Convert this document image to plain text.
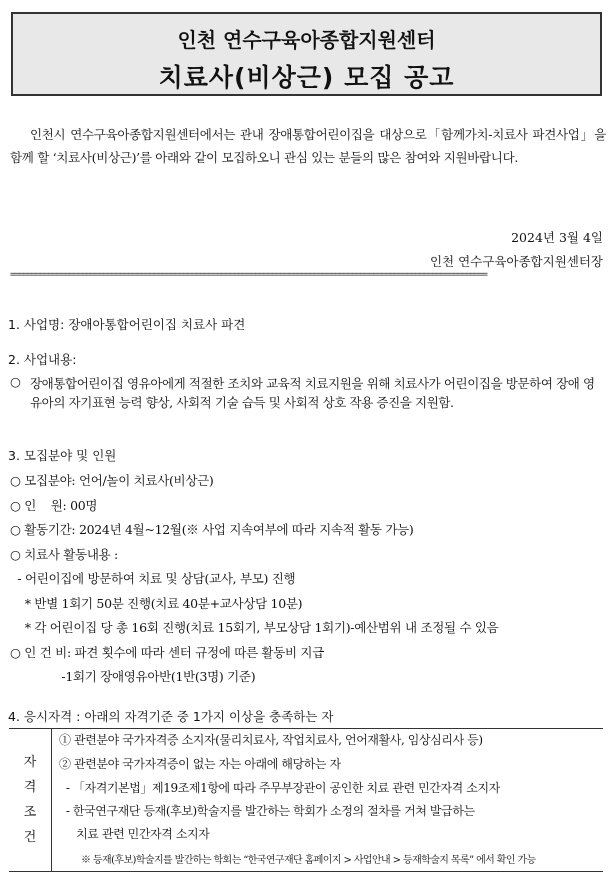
인천 연수구육아종합지원센터
치료사(비상근) 모집 공고
인천시 연수구육아종합지원센터에서는 관내 장애통합어린이집을 대상으로「함께가치-치료사 파견사업」을 함께 할 ‘치료사(비상근)’를 아래와 같이 모집하오니 관심 있는 분들의 많은 참여와 지원바랍니다.
2024년 3월 4일
인천 연수구육아종합지원센터장
=================================================================================================================
1. 사업명: 장애아통합어린이집 치료사 파견
2. 사업내용:
○ 장애통합어린이집 영유아에게 적절한 조치와 교육적 치료지원을 위해 치료사가 어린이집을 방문하여 장애 영유아의 자기표현 능력 향상, 사회적 기술 습득 및 사회적 상호 작용 증진을 지원함.
3. 모집분야 및 인원
○ 모집분야: 언어/놀이 치료사(비상근)
○ 인    원: 00명
○ 활동기간: 2024년 4월~12월(※ 사업 지속여부에 따라 지속적 활동 가능)
○ 치료사 활동내용 :
- 어린이집에 방문하여 치료 및 상담(교사, 부모) 진행
* 반별 1회기 50분 진행(치료 40분+교사상담 10분)
* 각 어린이집 당 총 16회 진행(치료 15회기, 부모상담 1회기)-예산범위 내 조정될 수 있음
○ 인 건 비: 파견 횟수에 따라 센터 규정에 따른 활동비 지급
-1회기 장애영유아반(1반(3명) 기준)
4. 응시자격 : 아래의 자격기준 중 1가지 이상을 충족하는 자
자
격
조
건
① 관련분야 국가자격증 소지자(물리치료사, 작업치료사, 언어재활사, 임상심리사 등)
② 관련분야 국가자격증이 없는 자는 아래에 해당하는 자
- 「자격기본법」제19조제1항에 따라 주무부장관이 공인한 치료 관련 민간자격 소지자
- 한국연구재단 등재(후보)학술지를 발간하는 학회가 소정의 절차를 거쳐 발급하는
치료 관련 민간자격 소지자
※ 등재(후보)학술지를 발간하는 학회는 “한국연구재단 홈페이지 > 사업안내 > 등재학술지 목록” 에서 확인 가능
